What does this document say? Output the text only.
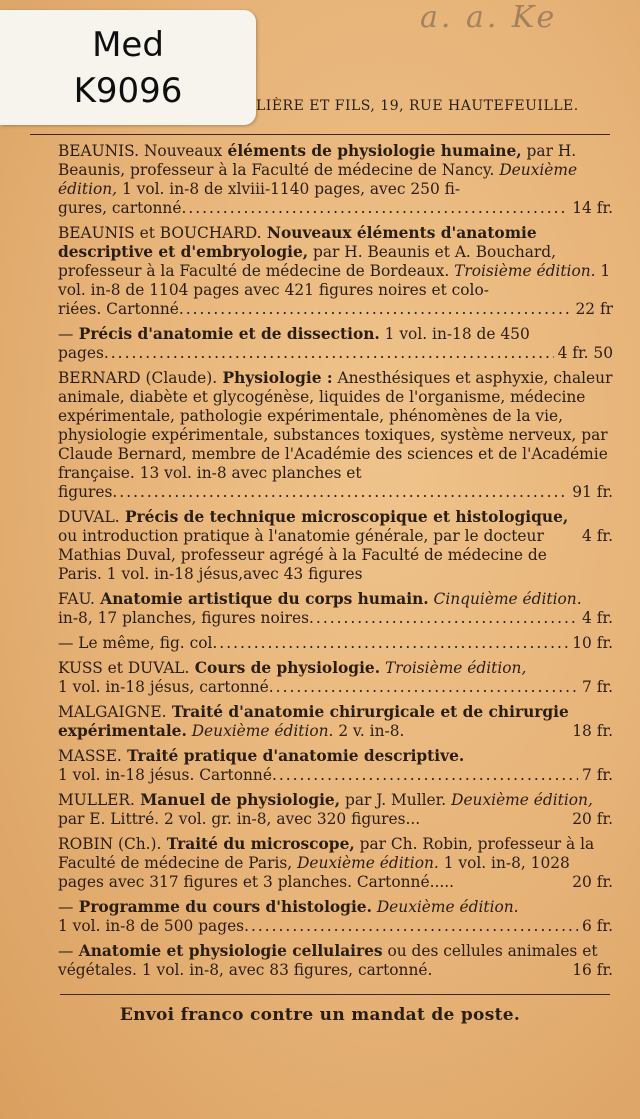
a. a. Ke
Med
K9096	LIÈRE ET FILS, 19, RUE HAUTEFEUILLE.
BEAUNIS. Nouveaux éléments de physiologie humaine, par H. Beaunis, professeur à la Faculté de médecine de Nancy. Deuxième édition, 1 vol. in-8 de xlviii-1140 pages, avec 250 fi-
gures, cartonné .....	14 fr.
BEAUNIS et BOUCHARD. Nouveaux éléments d'anatomie descriptive et d'embryologie, par H. Beaunis et A. Bouchard, professeur à la Faculté de médecine de Bordeaux. Troisième édition. 1 vol. in-8 de 1104 pages avec 421 figures noires et colo-
riées. Cartonné .....	22 fr
— Précis d'anatomie et de dissection. 1 vol. in-18 de 450
pages .....	4 fr. 50
BERNARD (Claude). Physiologie : Anesthésiques et asphyxie, chaleur animale, diabète et glycogénèse, liquides de l'organisme, médecine expérimentale, pathologie expérimentale, phénomènes de la vie, physiologie expérimentale, substances toxiques, système nerveux, par Claude Bernard, membre de l'Académie des sciences et de l'Académie française. 13 vol. in-8 avec planches et
figures .....	91 fr.
DUVAL. Précis de technique microscopique et histologique,
ou introduction pratique à l'anatomie générale, par le docteur Mathias Duval, professeur agrégé à la Faculté de médecine de Paris. 1 vol. in-18 jésus,avec 43 figures
4 fr.
FAU. Anatomie artistique du corps humain. Cinquième édition.
in-8, 17 planches, figures noires .....	4 fr.
— Le même, fig. col .....	10 fr.
KUSS et DUVAL. Cours de physiologie. Troisième édition,
1 vol. in-18 jésus, cartonné .....	7 fr.
MALGAIGNE. Traité d'anatomie chirurgicale et de chirurgie expérimentale. Deuxième édition. 2 v. in-8.	18 fr.
MASSE. Traité pratique d'anatomie descriptive.
1 vol. in-18 jésus. Cartonné .....	7 fr.
MULLER. Manuel de physiologie, par J. Muller. Deuxième édition, par E. Littré. 2 vol. gr. in-8, avec 320 figures...	20 fr.
ROBIN (Ch.). Traité du microscope, par Ch. Robin, professeur à la Faculté de médecine de Paris, Deuxième édition. 1 vol. in-8, 1028 pages avec 317 figures et 3 planches. Cartonné.....	20 fr.
— Programme du cours d'histologie. Deuxième édition.
1 vol. in-8 de 500 pages .....	6 fr.
— Anatomie et physiologie cellulaires ou des cellules animales et végétales. 1 vol. in-8, avec 83 figures, cartonné.	16 fr.
Envoi franco contre un mandat de poste.
